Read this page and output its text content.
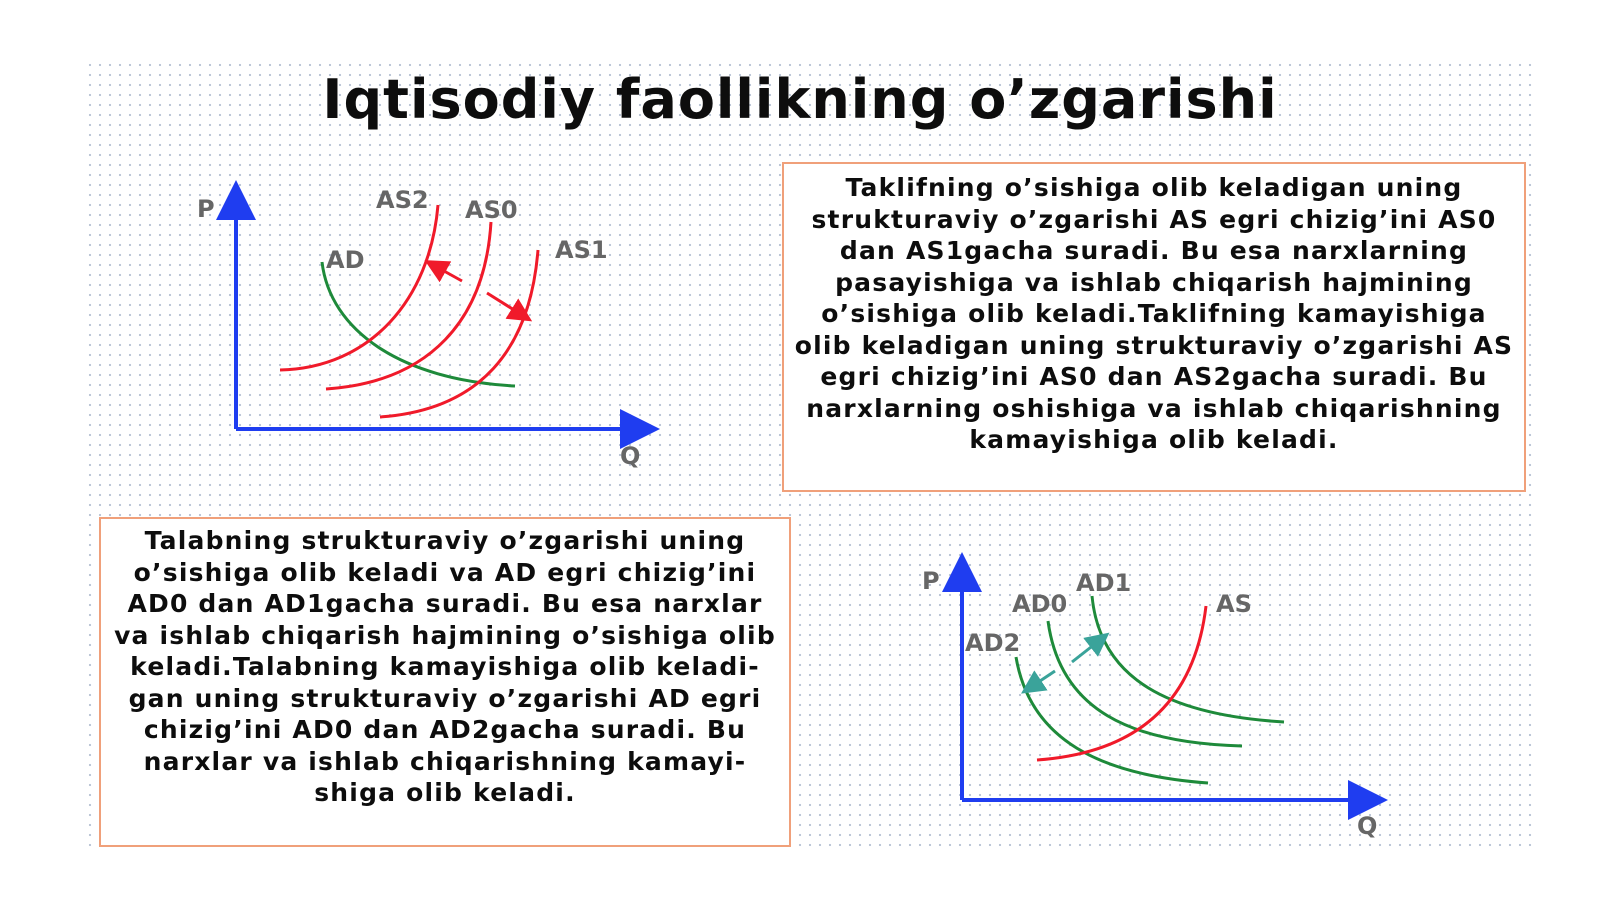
Iqtisodiy faollikning o’zgarishi
Taklifning o’sishiga olib keladigan uning strukturaviy o’zgarishi AS egri chizig’ini AS0 dan AS1gacha suradi. Bu esa narxlarning pasayishiga va ishlab chiqarish hajmining o’sishiga olib keladi.Taklifning kamayishiga olib keladigan uning strukturaviy o’zgarishi AS egri chizig’ini AS0 dan AS2gacha suradi. Bu narxlarning oshishiga va ishlab chiqarishning kamayishiga olib keladi.
Talabning strukturaviy o’zgarishi uning o’sishiga olib keladi va AD egri chizig’ini AD0 dan AD1gacha suradi. Bu esa narxlar va ishlab chiqarish hajmining o’sishiga olib keladi.Talabning kamayishiga olib keladi-gan uning strukturaviy o’zgarishi AD egri chizig’ini AD0 dan AD2gacha suradi. Bu narxlar va ishlab chiqarishning kamayi-shiga olib keladi.
P
Q
AD
AS2 AS0
AS1
P
Q
AD1
AD0
AD2
AS
